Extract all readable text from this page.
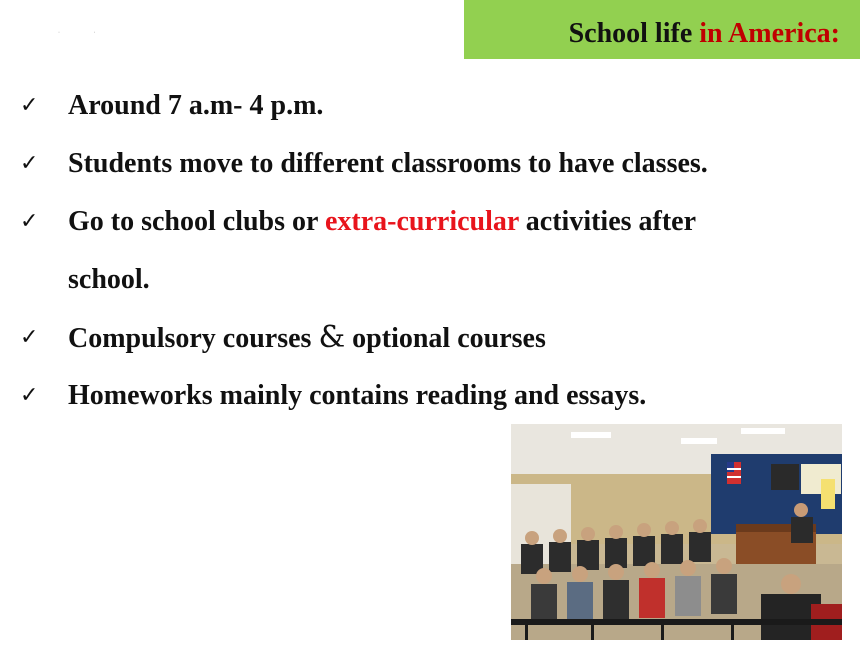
School life in America:
· ·
✓ Around 7 a.m- 4 p.m.
✓ Students move to different classrooms to have classes.
✓ Go to school clubs or extra-curricular activities after
school.
✓ Compulsory courses & optional courses
✓ Homeworks mainly contains reading and essays.
